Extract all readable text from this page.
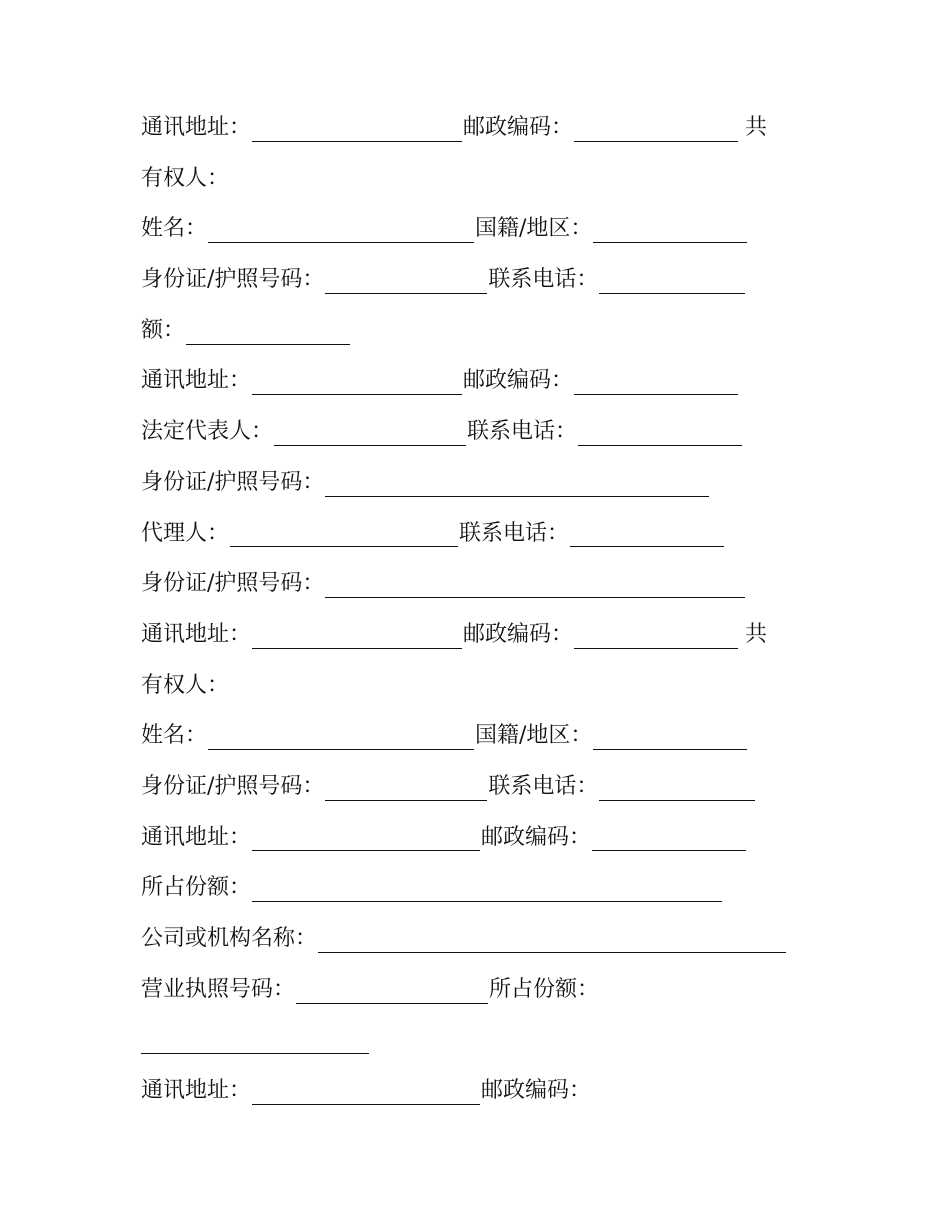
通讯地址：	邮政编码：	共
有权人：
姓名：	国籍/地区：
身份证/护照号码：	联系电话：
额：
通讯地址：	邮政编码：
法定代表人：	联系电话：
身份证/护照号码：
代理人：	联系电话：
身份证/护照号码：
通讯地址：	邮政编码：	共
有权人：
姓名：	国籍/地区：
身份证/护照号码：	联系电话：
通讯地址：	邮政编码：
所占份额：
公司或机构名称：
营业执照号码：	所占份额：
通讯地址：	邮政编码：
